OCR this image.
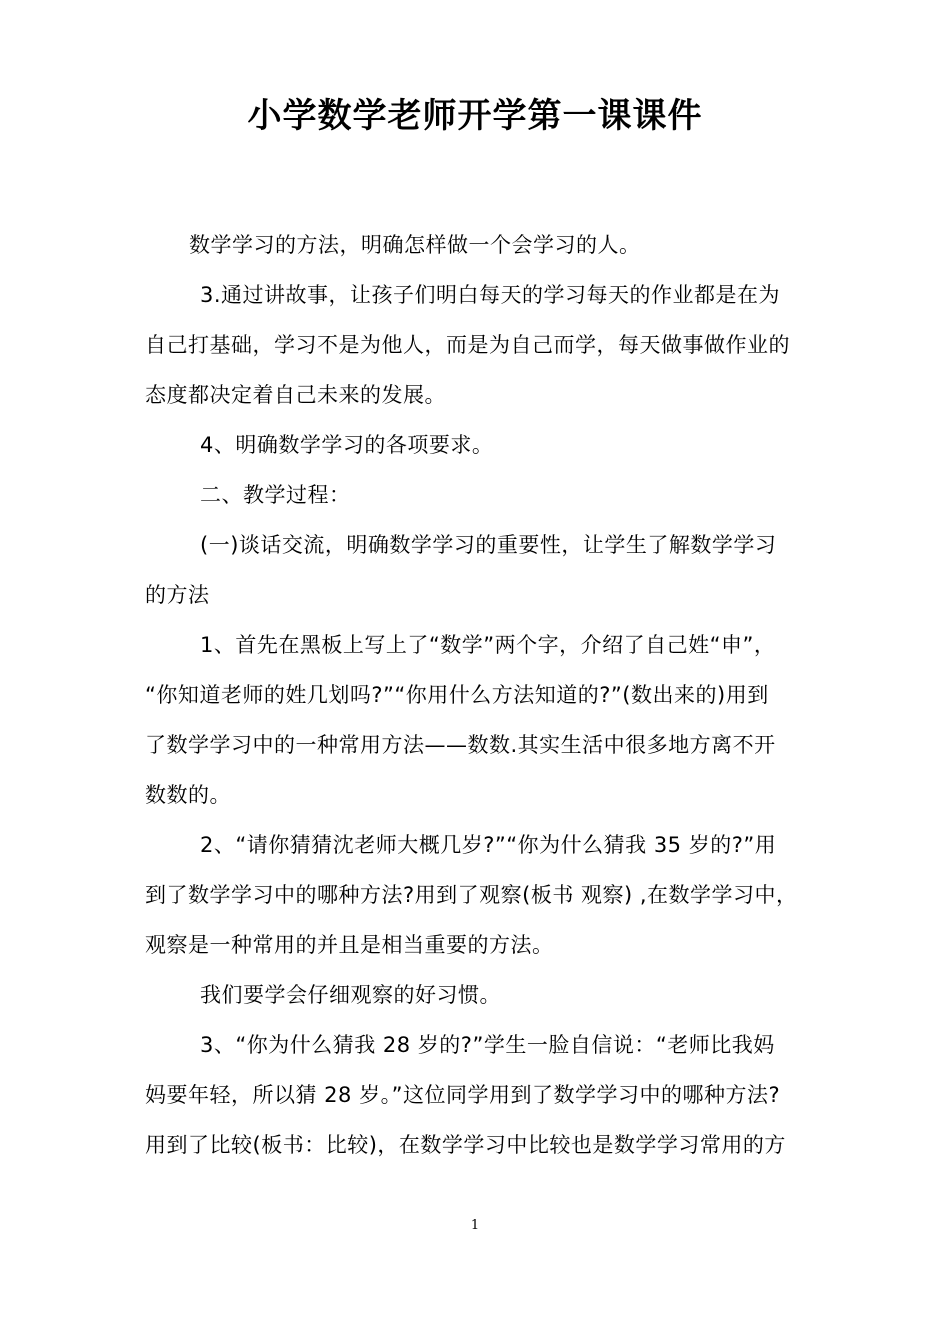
小学数学老师开学第一课课件

数学学习的方法，明确怎样做一个会学习的人。

3.通过讲故事，让孩子们明白每天的学习每天的作业都是在为
自己打基础，学习不是为他人，而是为自己而学，每天做事做作业的
态度都决定着自己未来的发展。

4、明确数学学习的各项要求。

二、教学过程：

(一)谈话交流，明确数学学习的重要性，让学生了解数学学习
的方法

1、首先在黑板上写上了“数学”两个字，介绍了自己姓“申”，
“你知道老师的姓几划吗?”“你用什么方法知道的?”(数出来的)用到
了数学学习中的一种常用方法——数数.其实生活中很多地方离不开
数数的。

2、“请你猜猜沈老师大概几岁?”“你为什么猜我 35 岁的?”用
到了数学学习中的哪种方法?用到了观察(板书 观察) ,在数学学习中，
观察是一种常用的并且是相当重要的方法。

我们要学会仔细观察的好习惯。

3、“你为什么猜我 28 岁的?”学生一脸自信说：“老师比我妈
妈要年轻，所以猜 28 岁。”这位同学用到了数学学习中的哪种方法?
用到了比较(板书：比较)，在数学学习中比较也是数学学习常用的方

1
